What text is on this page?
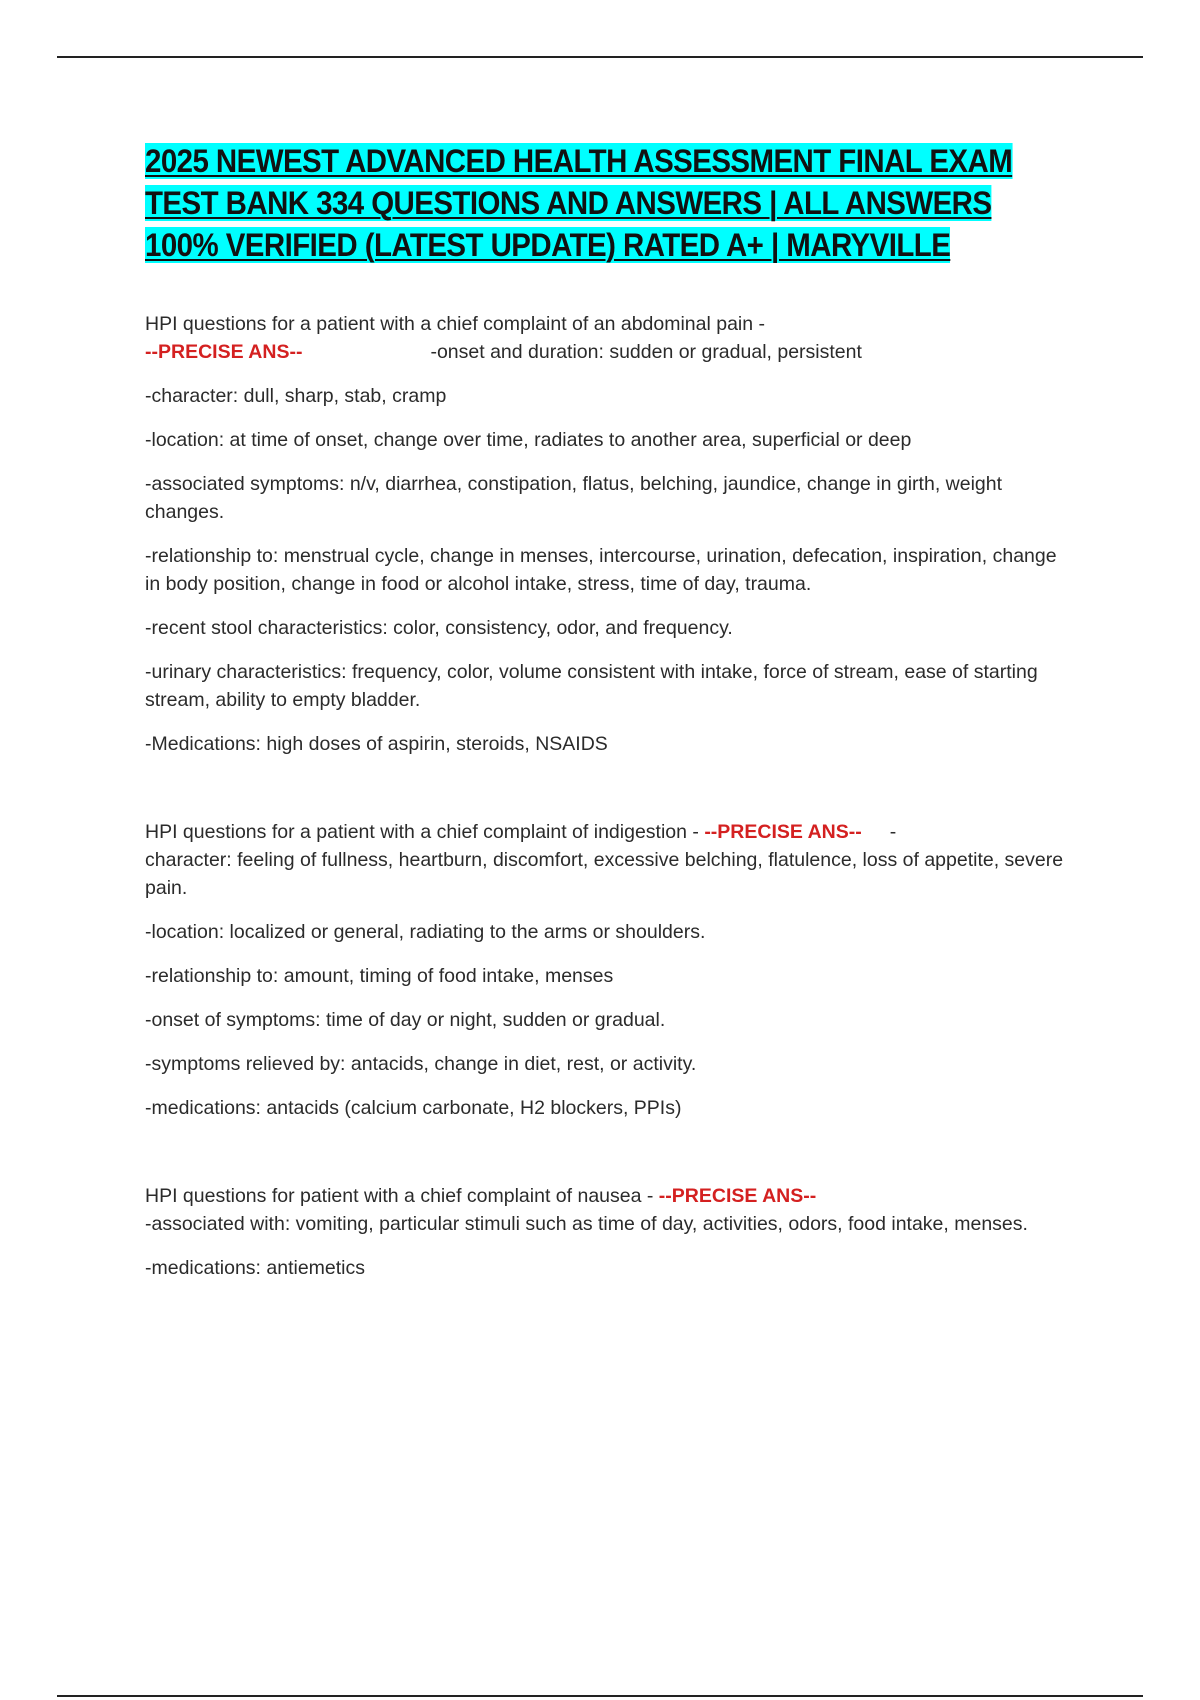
2025 NEWEST ADVANCED HEALTH ASSESSMENT FINAL EXAM
TEST BANK 334 QUESTIONS AND ANSWERS | ALL ANSWERS
100% VERIFIED (LATEST UPDATE) RATED A+ | MARYVILLE

HPI questions for a patient with a chief complaint of an abdominal pain -
--PRECISE ANS--	-onset and duration: sudden or gradual, persistent

-character: dull, sharp, stab, cramp

-location: at time of onset, change over time, radiates to another area, superficial or deep

-associated symptoms: n/v, diarrhea, constipation, flatus, belching, jaundice, change in girth, weight changes.

-relationship to: menstrual cycle, change in menses, intercourse, urination, defecation, inspiration, change in body position, change in food or alcohol intake, stress, time of day, trauma.

-recent stool characteristics: color, consistency, odor, and frequency.

-urinary characteristics: frequency, color, volume consistent with intake, force of stream, ease of starting stream, ability to empty bladder.

-Medications: high doses of aspirin, steroids, NSAIDS

HPI questions for a patient with a chief complaint of indigestion - --PRECISE ANS-- -
character: feeling of fullness, heartburn, discomfort, excessive belching, flatulence, loss of appetite, severe pain.

-location: localized or general, radiating to the arms or shoulders.

-relationship to: amount, timing of food intake, menses

-onset of symptoms: time of day or night, sudden or gradual.

-symptoms relieved by: antacids, change in diet, rest, or activity.

-medications: antacids (calcium carbonate, H2 blockers, PPIs)

HPI questions for patient with a chief complaint of nausea - --PRECISE ANS--
-associated with: vomiting, particular stimuli such as time of day, activities, odors, food intake, menses.

-medications: antiemetics
